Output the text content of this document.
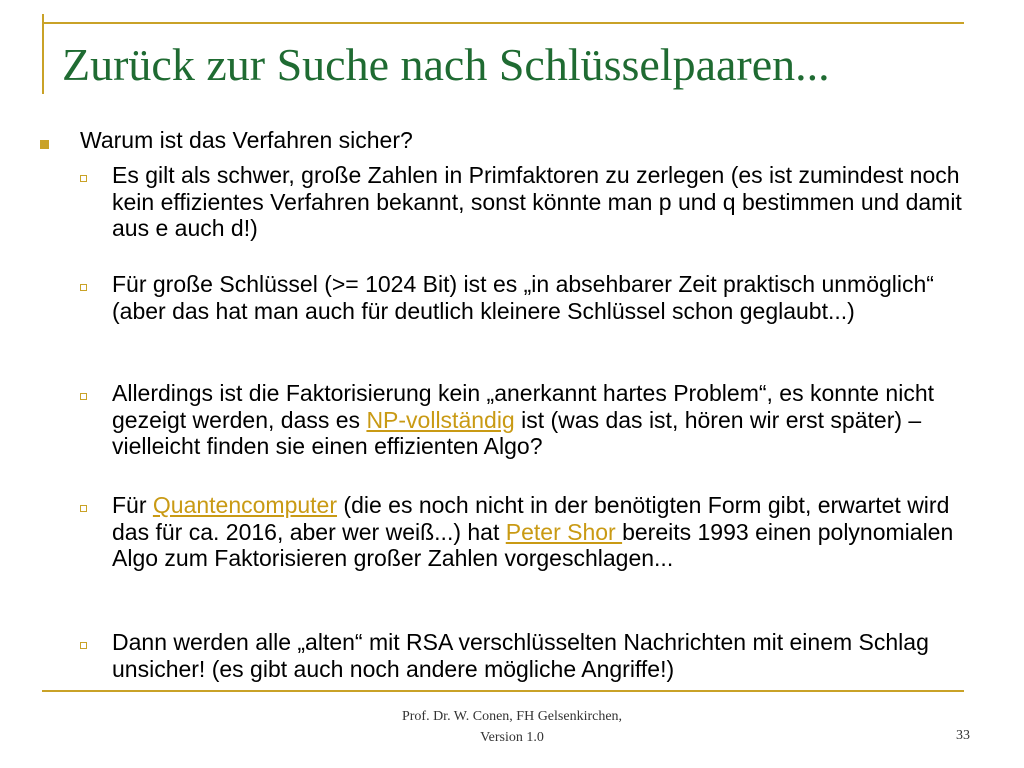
Zurück zur Suche nach Schlüsselpaaren...
Warum ist das Verfahren sicher?
Es gilt als schwer, große Zahlen in Primfaktoren zu zerlegen (es ist zumindest noch kein effizientes Verfahren bekannt, sonst könnte man p und q bestimmen und damit aus e auch d!)
Für große Schlüssel (>= 1024 Bit) ist es „in absehbarer Zeit praktisch unmöglich“ (aber das hat man auch für deutlich kleinere Schlüssel schon geglaubt...)
Allerdings ist die Faktorisierung kein „anerkannt hartes Problem“, es konnte nicht gezeigt werden, dass es NP-vollständig ist (was das ist, hören wir erst später) – vielleicht finden sie einen effizienten Algo?
Für Quantencomputer (die es noch nicht in der benötigten Form gibt, erwartet wird das für ca. 2016, aber wer weiß...) hat Peter Shor bereits 1993 einen polynomialen Algo zum Faktorisieren großer Zahlen vorgeschlagen...
Dann werden alle „alten“ mit RSA verschlüsselten Nachrichten mit einem Schlag unsicher! (es gibt auch noch andere mögliche Angriffe!)
Prof. Dr. W. Conen, FH Gelsenkirchen,
Version 1.0	33
